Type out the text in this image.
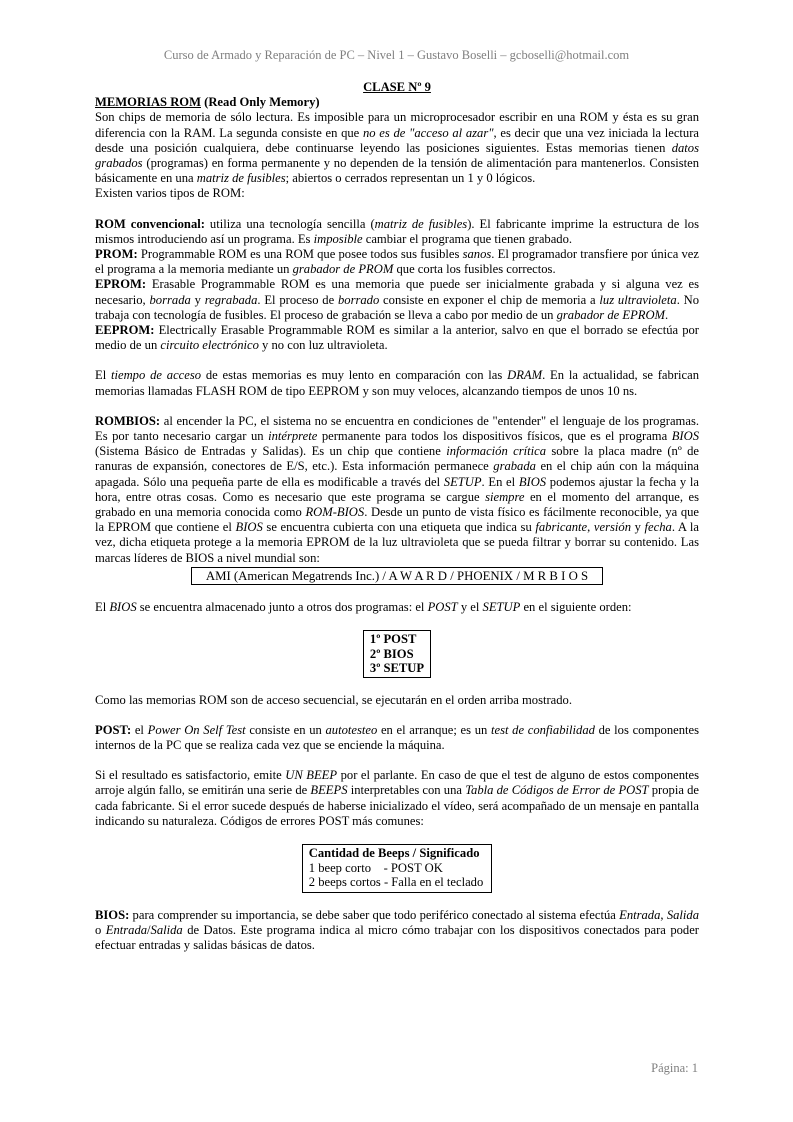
Curso de Armado y Reparación de PC – Nivel 1 – Gustavo Boselli – gcboselli@hotmail.com

CLASE Nº 9

MEMORIAS ROM (Read Only Memory)

Son chips de memoria de sólo lectura. Es imposible para un microprocesador escribir en una ROM y ésta es su gran diferencia con la RAM. La segunda consiste en que no es de "acceso al azar", es decir que una vez iniciada la lectura desde una posición cualquiera, debe continuarse leyendo las posiciones siguientes. Estas memorias tienen datos grabados (programas) en forma permanente y no dependen de la tensión de alimentación para mantenerlos. Consisten básicamente en una matriz de fusibles; abiertos o cerrados representan un 1 y 0 lógicos.

Existen varios tipos de ROM:

ROM convencional: utiliza una tecnología sencilla (matriz de fusibles). El fabricante imprime la estructura de los mismos introduciendo así un programa. Es imposible cambiar el programa que tienen grabado.

PROM: Programmable ROM es una ROM que posee todos sus fusibles sanos. El programador transfiere por única vez el programa a la memoria mediante un grabador de PROM que corta los fusibles correctos.

EPROM: Erasable Programmable ROM es una memoria que puede ser inicialmente grabada y si alguna vez es necesario, borrada y regrabada. El proceso de borrado consiste en exponer el chip de memoria a luz ultravioleta. No trabaja con tecnología de fusibles. El proceso de grabación se lleva a cabo por medio de un grabador de EPROM.

EEPROM: Electrically Erasable Programmable ROM es similar a la anterior, salvo en que el borrado se efectúa por medio de un circuito electrónico y no con luz ultravioleta.

El tiempo de acceso de estas memorias es muy lento en comparación con las DRAM. En la actualidad, se fabrican memorias llamadas FLASH ROM de tipo EEPROM y son muy veloces, alcanzando tiempos de unos 10 ns.

ROMBIOS: al encender la PC, el sistema no se encuentra en condiciones de "entender" el lenguaje de los programas. Es por tanto necesario cargar un intérprete permanente para todos los dispositivos físicos, que es el programa BIOS (Sistema Básico de Entradas y Salidas). Es un chip que contiene información crítica sobre la placa madre (nº de ranuras de expansión, conectores de E/S, etc.). Esta información permanece grabada en el chip aún con la máquina apagada. Sólo una pequeña parte de ella es modificable a través del SETUP. En el BIOS podemos ajustar la fecha y la hora, entre otras cosas. Como es necesario que este programa se cargue siempre en el momento del arranque, es grabado en una memoria conocida como ROM-BIOS. Desde un punto de vista físico es fácilmente reconocible, ya que la EPROM que contiene el BIOS se encuentra cubierta con una etiqueta que indica su fabricante, versión y fecha. A la vez, dicha etiqueta protege a la memoria EPROM de la luz ultravioleta que se pueda filtrar y borrar su contenido. Las marcas líderes de BIOS a nivel mundial son:

AMI (American Megatrends Inc.) / A W A R D / PHOENIX / M R B I O S

El BIOS se encuentra almacenado junto a otros dos programas: el POST y el SETUP en el siguiente orden:

1º POST
2º BIOS
3º SETUP

Como las memorias ROM son de acceso secuencial, se ejecutarán en el orden arriba mostrado.

POST: el Power On Self Test consiste en un autotesteo en el arranque; es un test de confiabilidad de los componentes internos de la PC que se realiza cada vez que se enciende la máquina.

Si el resultado es satisfactorio, emite UN BEEP por el parlante. En caso de que el test de alguno de estos componentes arroje algún fallo, se emitirán una serie de BEEPS interpretables con una Tabla de Códigos de Error de POST propia de cada fabricante. Si el error sucede después de haberse inicializado el vídeo, será acompañado de un mensaje en pantalla indicando su naturaleza. Códigos de errores POST más comunes:

Cantidad de Beeps / Significado
1 beep corto    - POST OK
2 beeps cortos - Falla en el teclado

BIOS: para comprender su importancia, se debe saber que todo periférico conectado al sistema efectúa Entrada, Salida o Entrada/Salida de Datos. Este programa indica al micro cómo trabajar con los dispositivos conectados para poder efectuar entradas y salidas básicas de datos.

Página: 1
